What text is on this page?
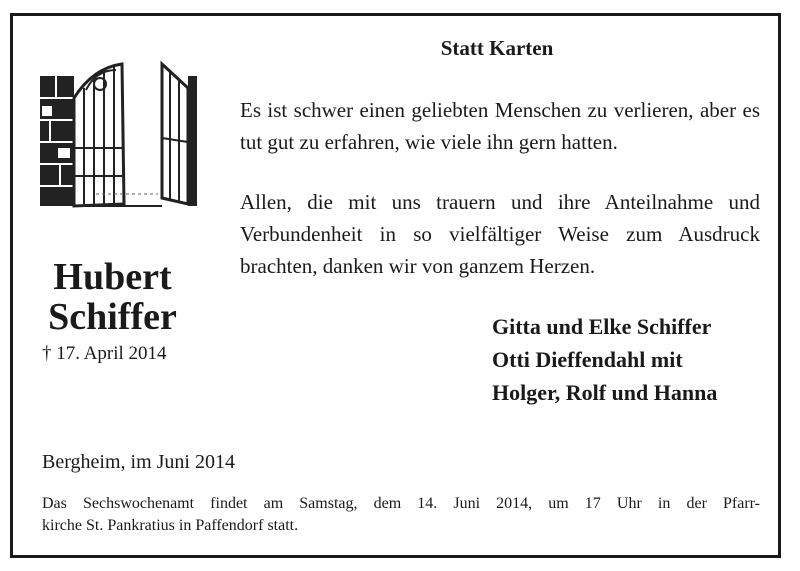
Statt Karten
Es ist schwer einen geliebten Menschen zu verlieren, aber es tut gut zu erfahren, wie viele ihn gern hatten.
Allen, die mit uns trauern und ihre Anteilnahme und Verbundenheit in so vielfältiger Weise zum Ausdruck brachten, danken wir von ganzem Herzen.
Hubert
Schiffer
† 17. April 2014
Gitta und Elke Schiffer
Otti Dieffendahl mit
Holger, Rolf und Hanna
Bergheim, im Juni 2014
Das Sechswochenamt findet am Samstag, dem 14. Juni 2014, um 17 Uhr in der Pfarr-
kirche St. Pankratius in Paffendorf statt.
